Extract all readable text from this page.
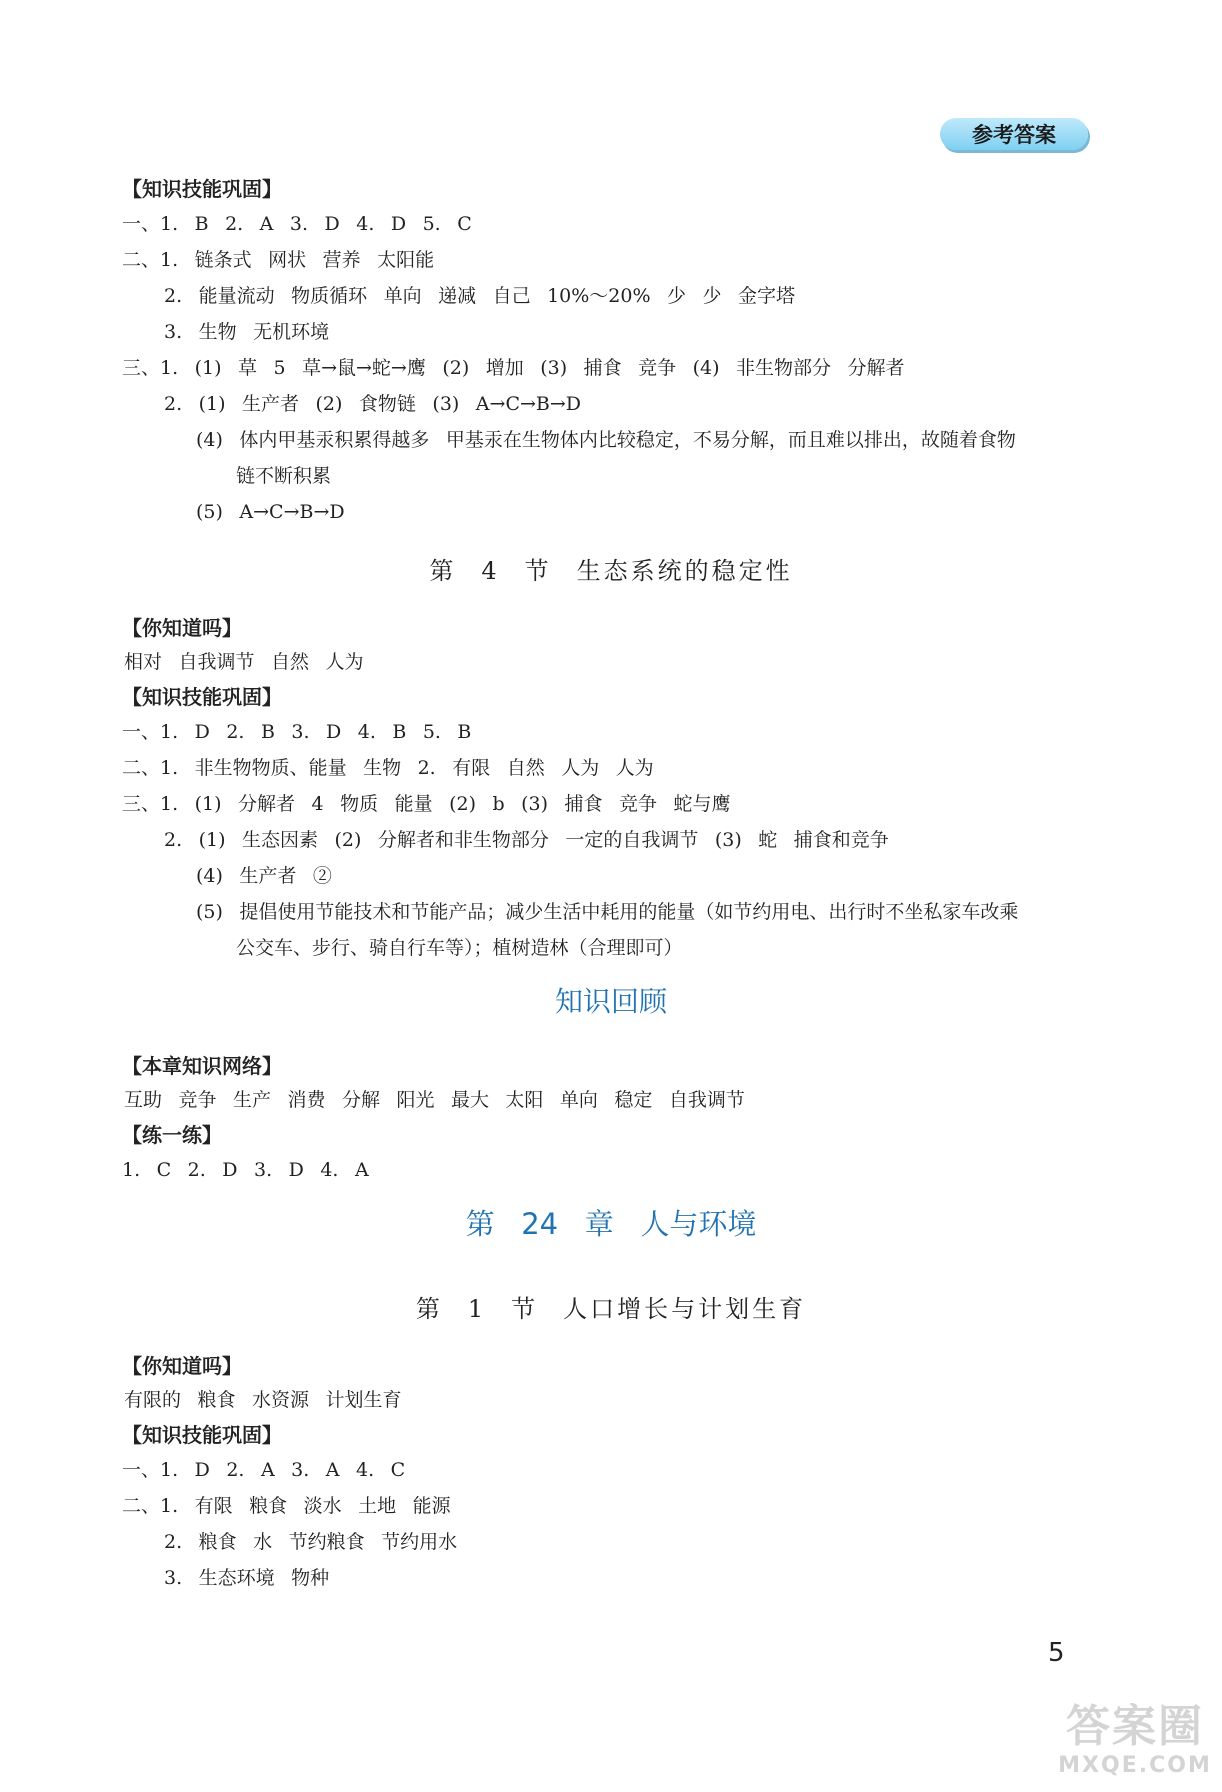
参考答案
【知识技能巩固】
一、1. B 2. A 3. D 4. D 5. C
二、1. 链条式 网状 营养 太阳能
2. 能量流动 物质循环 单向 递减 自己 10%～20% 少 少 金字塔
3. 生物 无机环境
三、1. (1) 草 5 草→鼠→蛇→鹰 (2) 增加 (3) 捕食 竞争 (4) 非生物部分 分解者
2. (1) 生产者 (2) 食物链 (3) A→C→B→D
(4) 体内甲基汞积累得越多 甲基汞在生物体内比较稳定，不易分解，而且难以排出，故随着食物
链不断积累
(5) A→C→B→D
【你知道吗】
相对 自我调节 自然 人为
【知识技能巩固】
一、1. D 2. B 3. D 4. B 5. B
二、1. 非生物物质、能量 生物 2. 有限 自然 人为 人为
三、1. (1) 分解者 4 物质 能量 (2) b (3) 捕食 竞争 蛇与鹰
2. (1) 生态因素 (2) 分解者和非生物部分 一定的自我调节 (3) 蛇 捕食和竞争
(4) 生产者 ②
(5) 提倡使用节能技术和节能产品；减少生活中耗用的能量（如节约用电、出行时不坐私家车改乘
公交车、步行、骑自行车等）；植树造林（合理即可）
【本章知识网络】
互助 竞争 生产 消费 分解 阳光 最大 太阳 单向 稳定 自我调节
【练一练】
1. C 2. D 3. D 4. A
【你知道吗】
有限的 粮食 水资源 计划生育
【知识技能巩固】
一、1. D 2. A 3. A 4. C
二、1. 有限 粮食 淡水 土地 能源
2. 粮食 水 节约粮食 节约用水
3. 生态环境 物种
第 4 节 生态系统的稳定性
知识回顾
第 24 章 人与环境
第 1 节 人口增长与计划生育
5
答案圈
MXQE.COM
